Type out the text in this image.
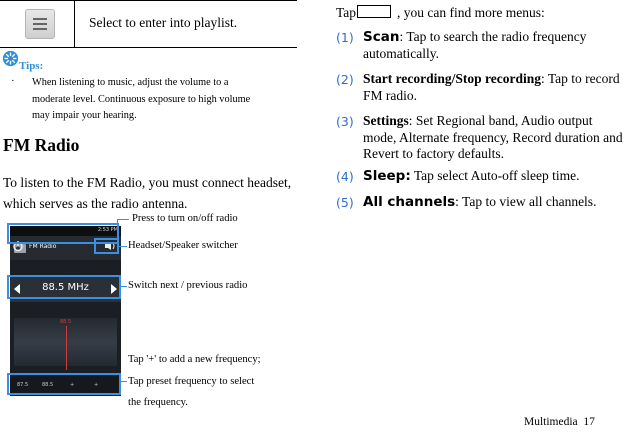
Select to enter into playlist.
Tips:
· When listening to music, adjust the volume to a moderate level. Continuous exposure to high volume may impair your hearing.
FM Radio
To listen to the FM Radio, you must connect headset, which serves as the radio antenna.
2:53 PM
FM Radio
88.5 MHz
88.5
87.5	88.5	+	+
Press to turn on/off radio
Headset/Speaker switcher
Switch next / previous radio
Tap '+' to add a new frequency;
Tap preset frequency to select
the frequency.
Tap	, you can find more menus:
(1) Scan: Tap to search the radio frequency automatically.
(2) Start recording/Stop recording: Tap to record FM radio.
(3) Settings: Set Regional band, Audio output mode, Alternate frequency, Record duration and Revert to factory defaults.
(4) Sleep: Tap select Auto-off sleep time.
(5) All channels: Tap to view all channels.
Multimedia  17
